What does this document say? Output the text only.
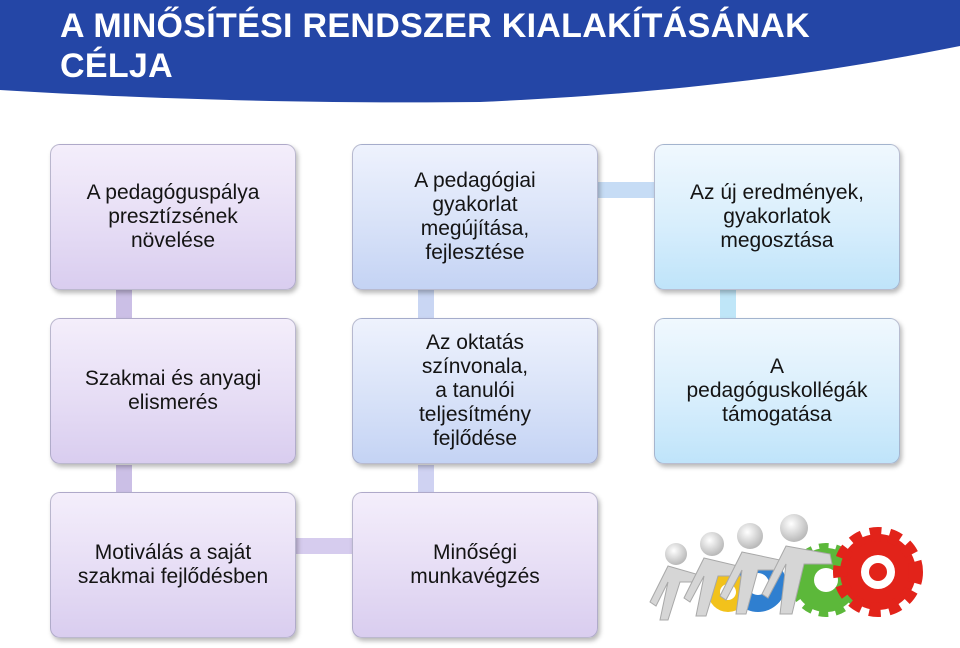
A MINŐSÍTÉSI RENDSZER KIALAKÍTÁSÁNAK CÉLJA
A pedagóguspálya
presztízsének
növelése
A pedagógiai
gyakorlat
megújítása,
fejlesztése
Az új eredmények,
gyakorlatok
megosztása
Szakmai és anyagi
elismerés
Az oktatás
színvonala,
a tanulói
teljesítmény
fejlődése
A
pedagóguskollégák
támogatása
Motiválás a saját
szakmai fejlődésben
Minőségi
munkavégzés
